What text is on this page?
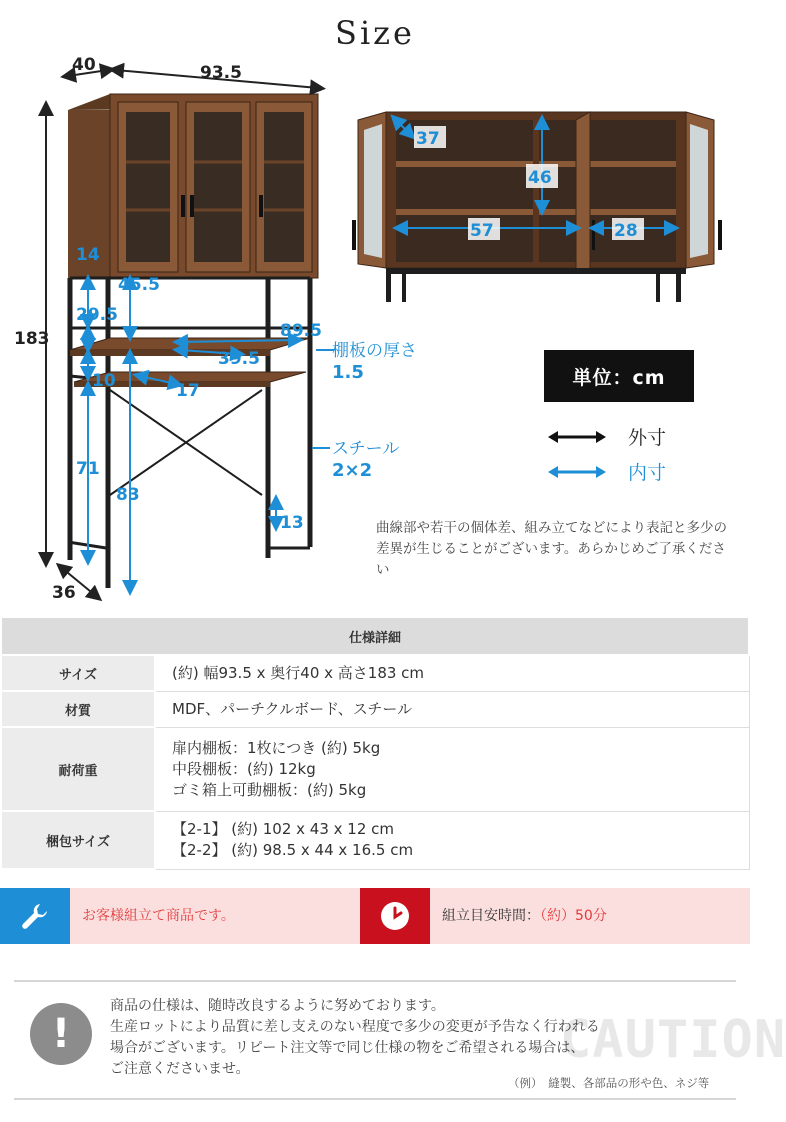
Size
40	93.5
183
36
14
45.5
29.5
89.5
39.5
10	17
71
83
13
棚板の厚さ
1.5
スチール
2×2
37
46
57	28
単位：cm
外寸
内寸
曲線部や若干の個体差、組み立てなどにより表記と多少の差異が生じることがございます。あらかじめご了承ください
仕様詳細	
サイズ	(約) 幅93.5 x 奥行40 x 高さ183 cm

材質	MDF、パーチクルボード、スチール

耐荷重	扉内棚板：1枚につき (約) 5kg
中段棚板：(約) 12kg
ゴミ箱上可動棚板：(約) 5kg

梱包サイズ	【2-1】 (約) 102 x 43 x 12 cm
【2-2】 (約) 98.5 x 44 x 16.5 cm
お客様組立て商品です。	組立目安時間：（約）50分
CAUTION
!
商品の仕様は、随時改良するように努めております。
生産ロットにより品質に差し支えのない程度で多少の変更が予告なく行われる
場合がございます。リピート注文等で同じ仕様の物をご希望される場合は、
ご注意くださいませ。
（例）　縫製、各部品の形や色、ネジ等
